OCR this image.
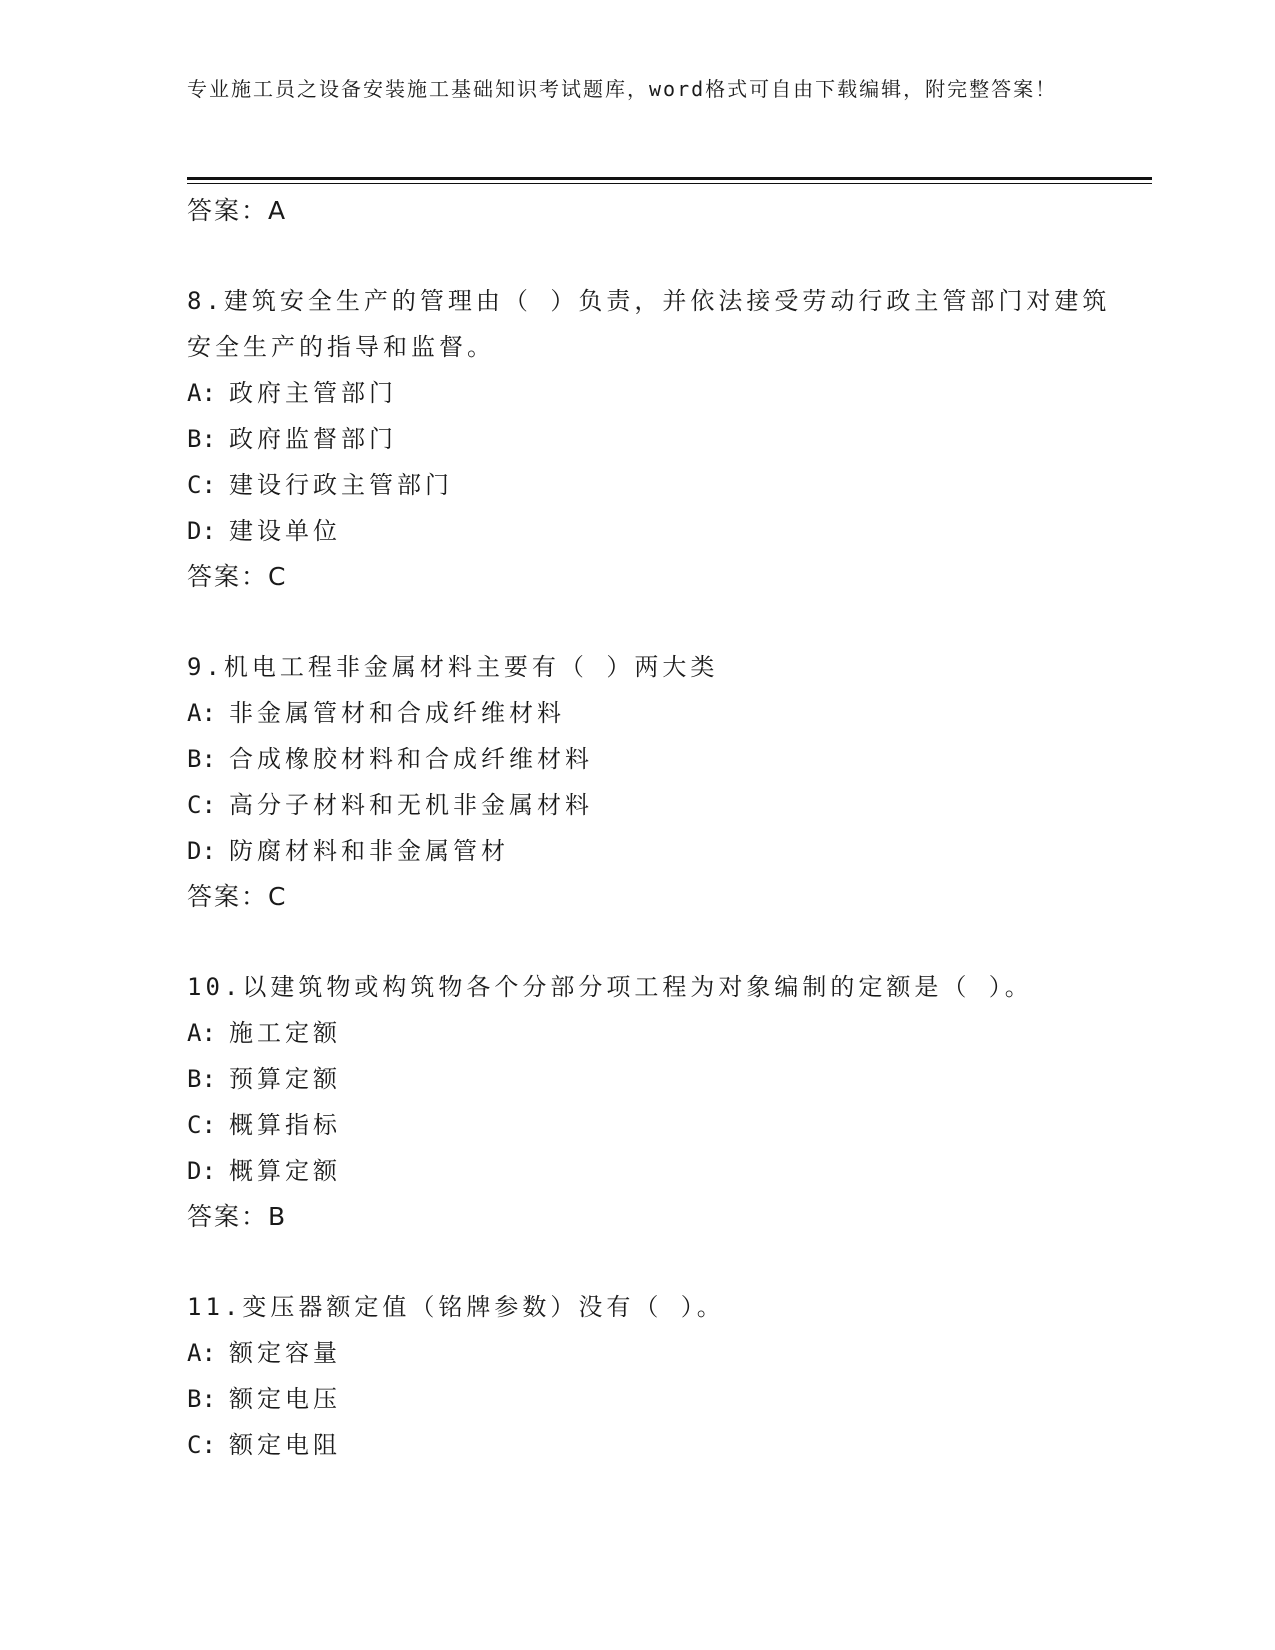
专业施工员之设备安装施工基础知识考试题库，word格式可自由下载编辑，附完整答案！
答案：A
8.建筑安全生产的管理由（ ）负责，并依法接受劳动行政主管部门对建筑安全生产的指导和监督。
A: 政府主管部门
B: 政府监督部门
C: 建设行政主管部门
D: 建设单位
答案：C
9.机电工程非金属材料主要有（ ）两大类
A: 非金属管材和合成纤维材料
B: 合成橡胶材料和合成纤维材料
C: 高分子材料和无机非金属材料
D: 防腐材料和非金属管材
答案：C
10.以建筑物或构筑物各个分部分项工程为对象编制的定额是（ ）。
A: 施工定额
B: 预算定额
C: 概算指标
D: 概算定额
答案：B
11.变压器额定值（铭牌参数）没有（ ）。
A: 额定容量
B: 额定电压
C: 额定电阻
